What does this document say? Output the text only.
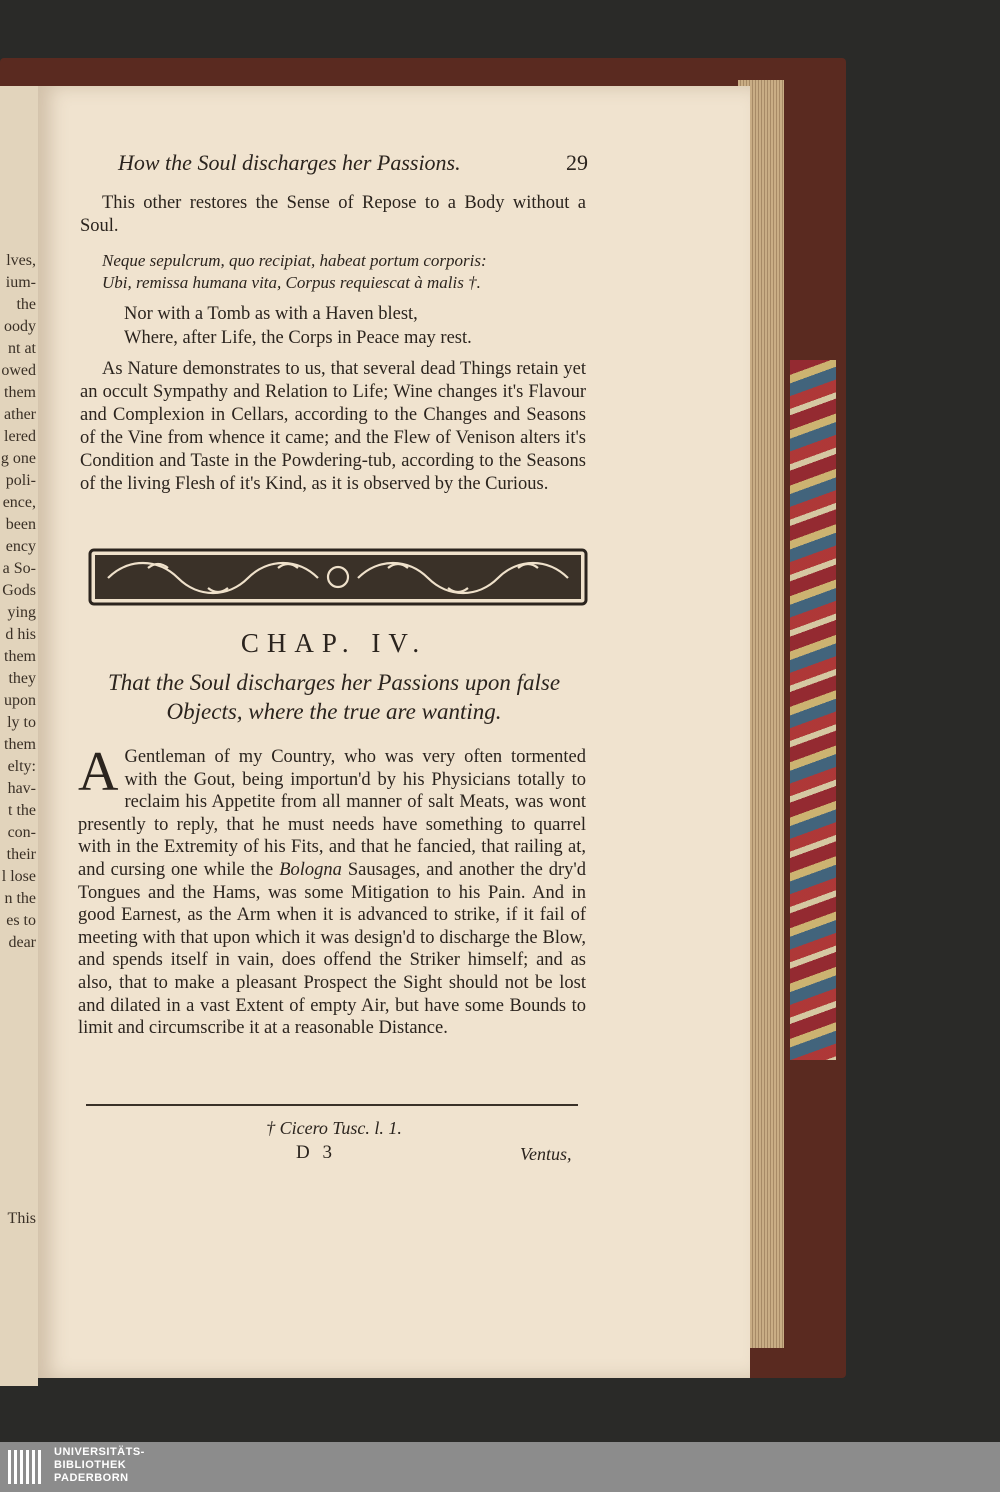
lves,
ium-
the
oody
nt at
owed
them
ather
lered
g one
poli-
ence,
been
ency
a So-
Gods
ying
d his
them
they
upon
ly to
them
elty:
hav-
t the
con-
their
l lose
n the
es to
dear
This
How the Soul discharges her Passions.	29

This other restores the Sense of Repose to a Body without a Soul.

Neque sepulcrum, quo recipiat, habeat portum corporis:
Ubi, remissa humana vita, Corpus requiescat à malis †.
Nor with a Tomb as with a Haven blest,
Where, after Life, the Corps in Peace may rest.

As Nature demonstrates to us, that several dead Things retain yet an occult Sympathy and Relation to Life; Wine changes it's Flavour and Complexion in Cellars, according to the Changes and Seasons of the Vine from whence it came; and the Flew of Venison alters it's Condition and Taste in the Powdering-tub, according to the Seasons of the living Flesh of it's Kind, as it is observed by the Curious.

CHAP. IV.
That the Soul discharges her Passions upon false
Objects, where the true are wanting.
A Gentleman of my Country, who was very often tormented with the Gout, being importun'd by his Physicians totally to reclaim his Appetite from all manner of salt Meats, was wont presently to reply, that he must needs have something to quarrel with in the Extremity of his Fits, and that he fancied, that railing at, and cursing one while the Bologna Sausages, and another the dry'd Tongues and the Hams, was some Mitigation to his Pain. And in good Earnest, as the Arm when it is advanced to strike, if it fail of meeting with that upon which it was design'd to discharge the Blow, and spends itself in vain, does offend the Striker himself; and as also, that to make a pleasant Prospect the Sight should not be lost and dilated in a vast Extent of empty Air, but have some Bounds to limit and circumscribe it at a reasonable Distance.
† Cicero Tusc. l. 1.
D 3	Ventus,
UNIVERSITÄTS-
BIBLIOTHEK
PADERBORN
